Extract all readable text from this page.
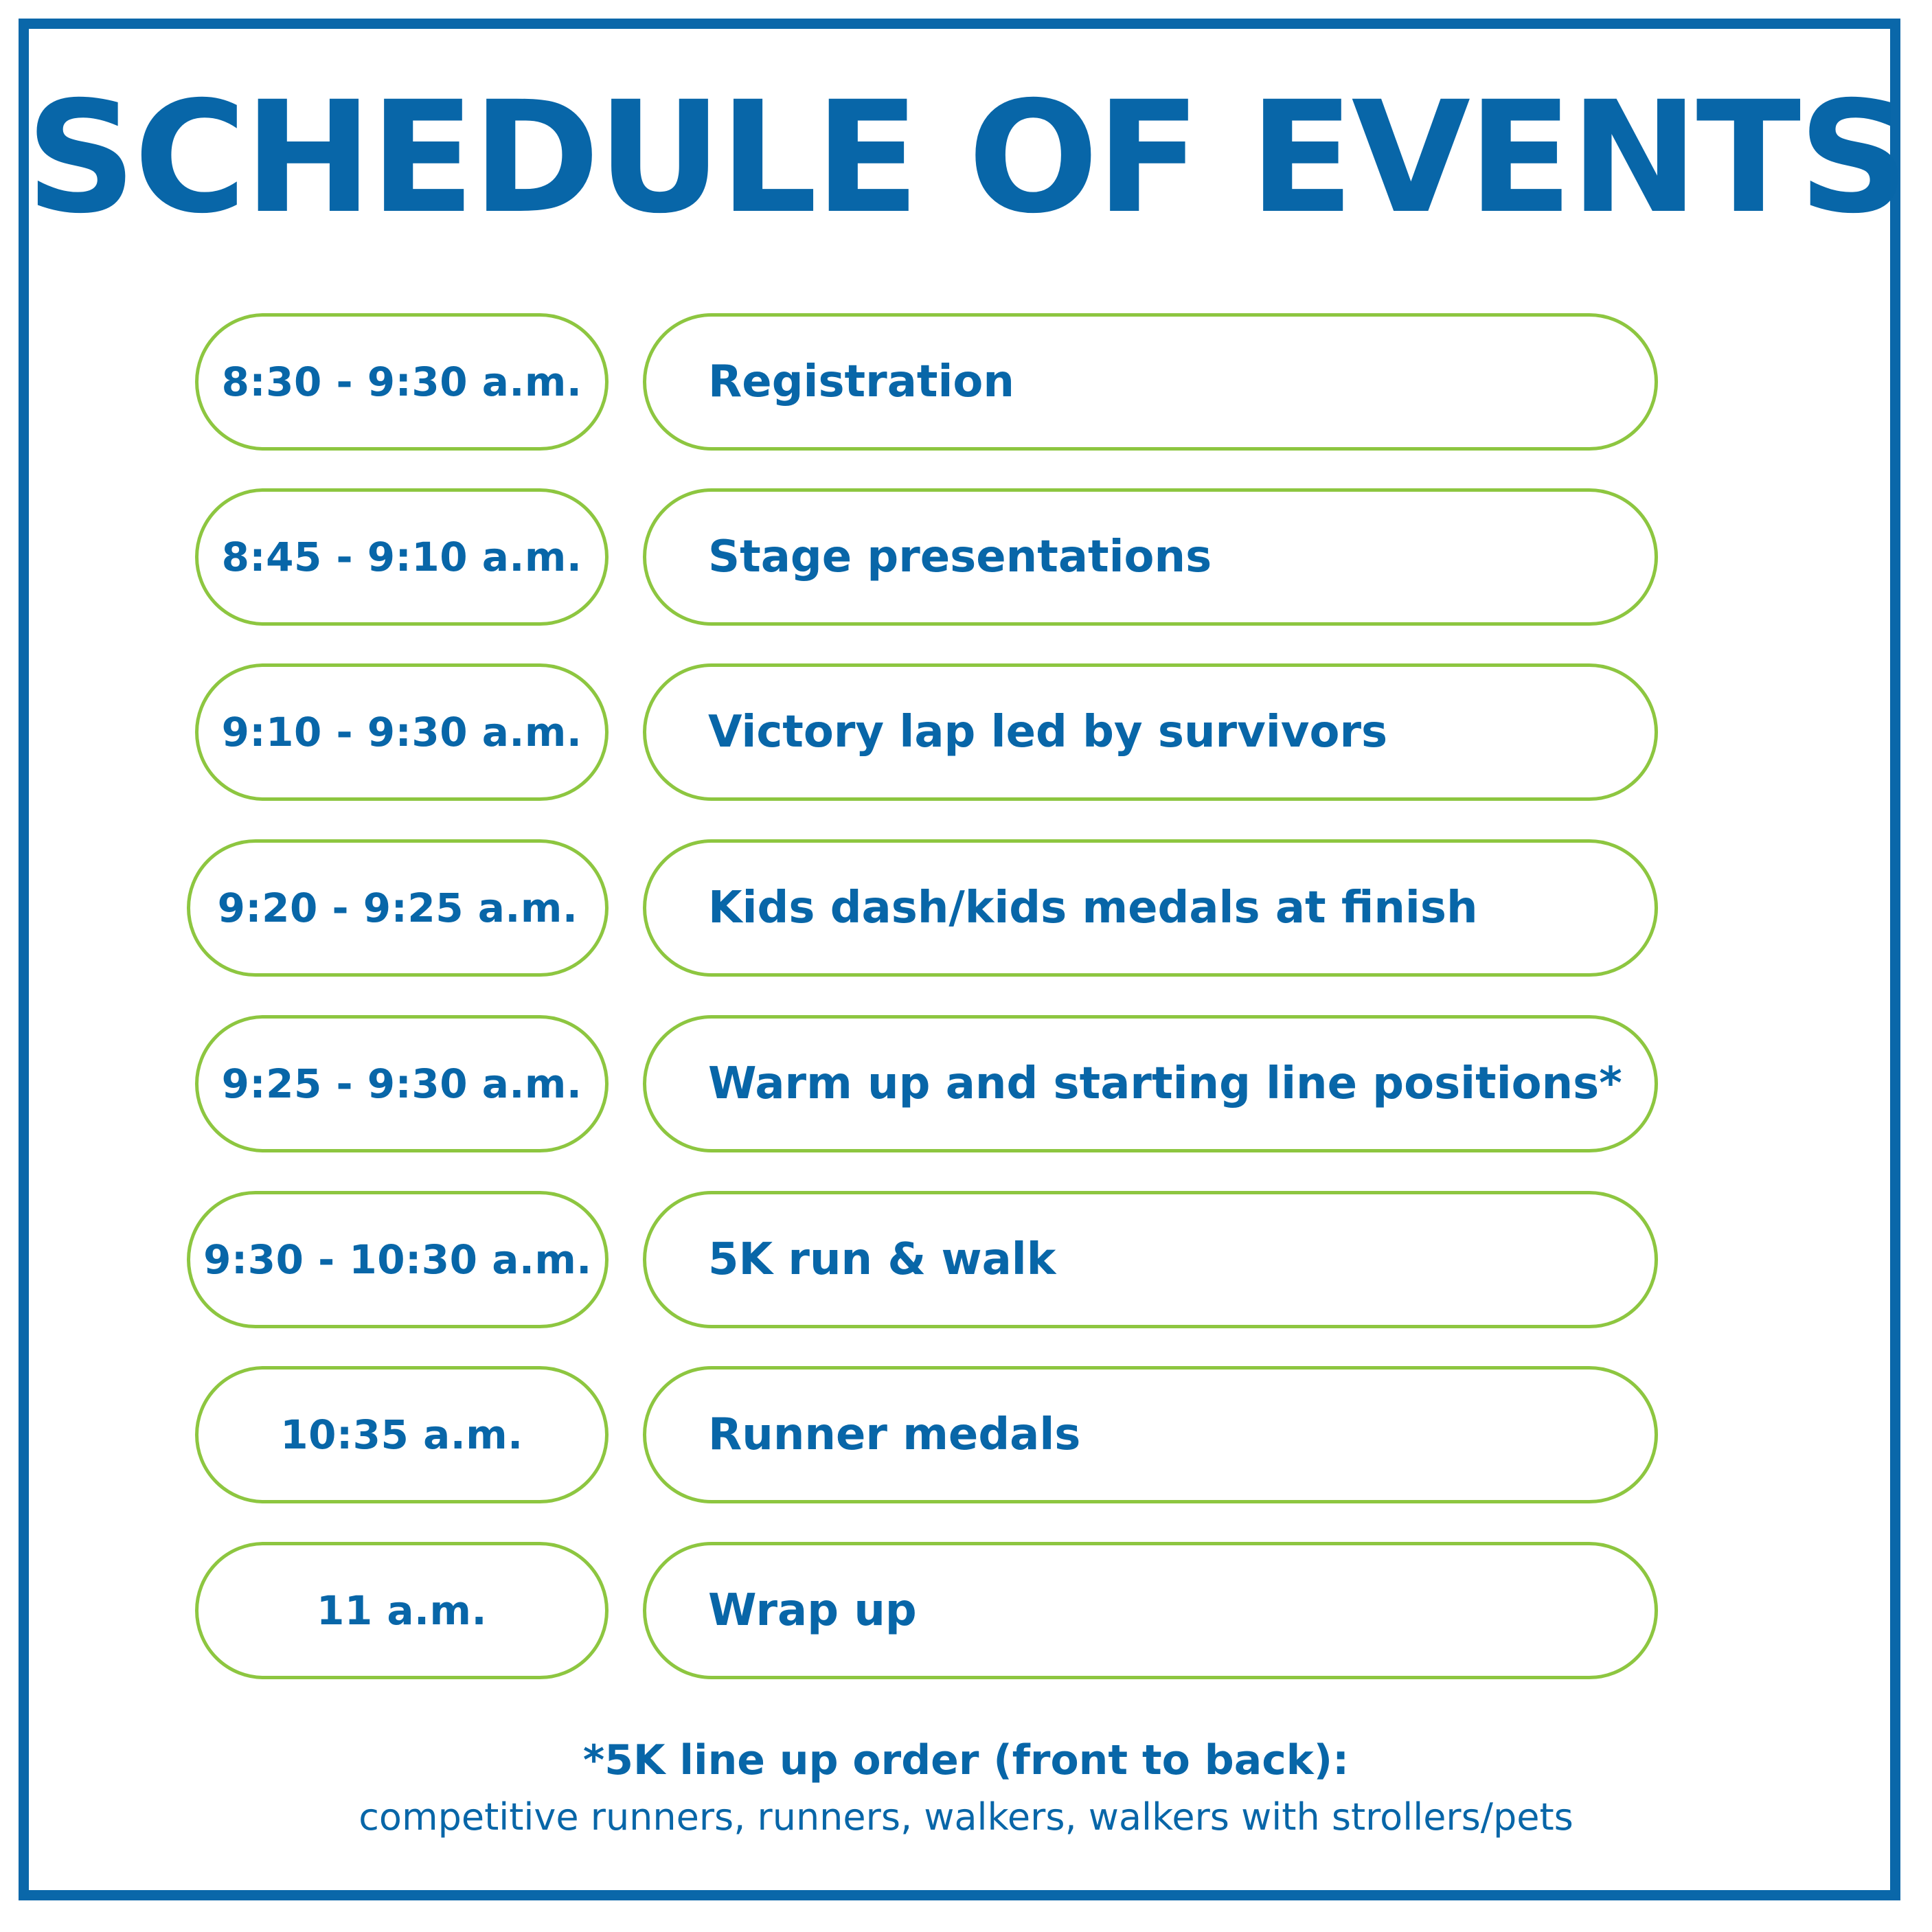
SCHEDULE OF EVENTS
8:30 - 9:30 a.m.	Registration
8:45 - 9:10 a.m.	Stage presentations
9:10 - 9:30 a.m.	Victory lap led by survivors
9:20 - 9:25 a.m.	Kids dash/kids medals at finish
9:25 - 9:30 a.m.	Warm up and starting line positions*
9:30 - 10:30 a.m.	5K run & walk
10:35 a.m.	Runner medals
11 a.m.	Wrap up
*5K line up order (front to back):
competitive runners, runners, walkers, walkers with strollers/pets
